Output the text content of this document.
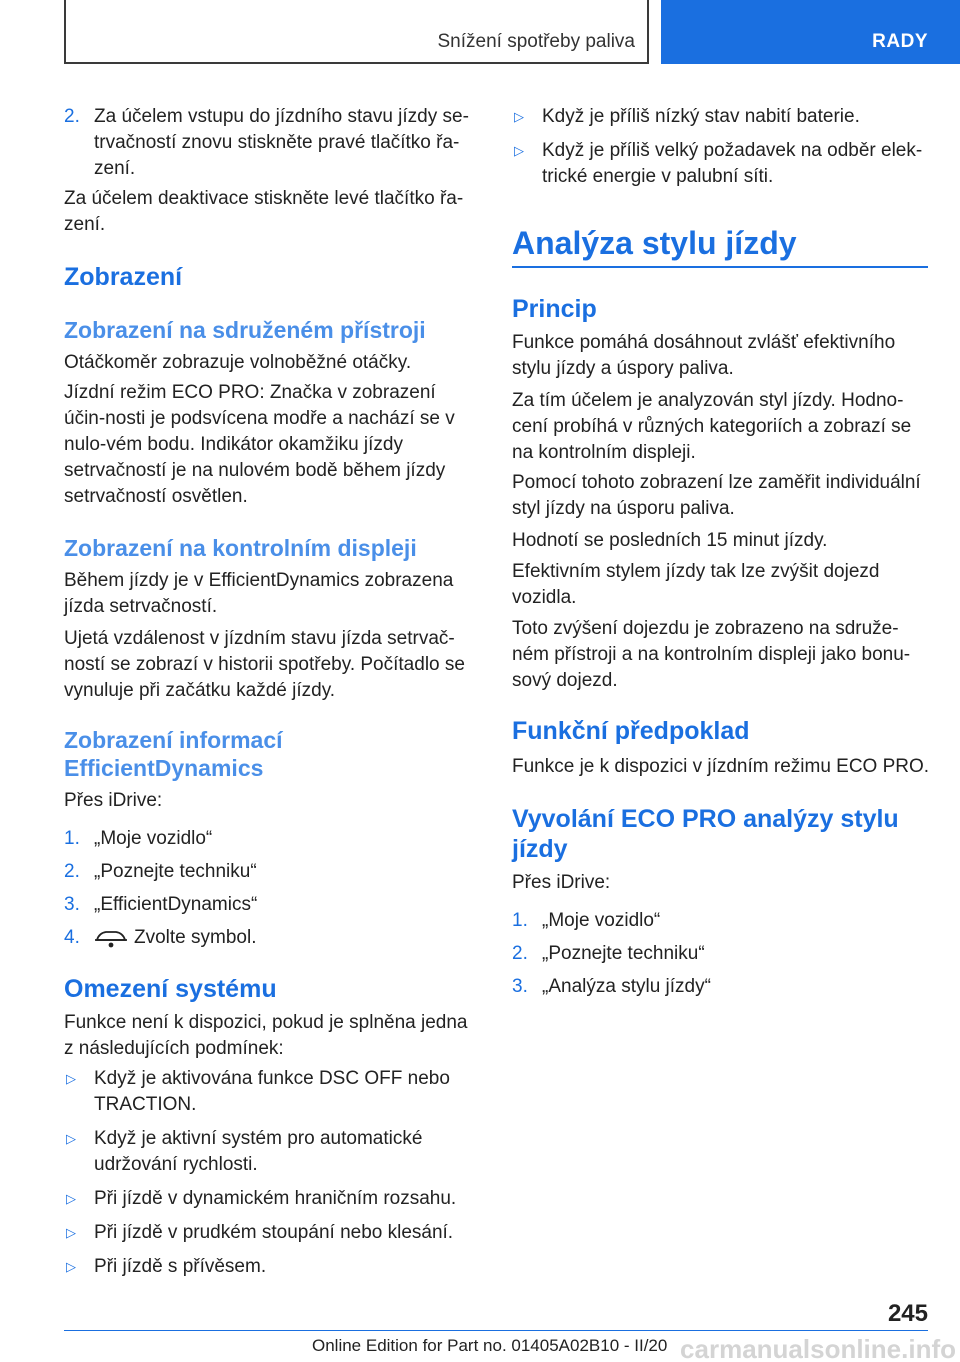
Snížení spotřeby paliva	RADY
2. Za účelem vstupu do jízdního stavu jízdy se-trvačností znovu stiskněte pravé tlačítko řa-zení.

Za účelem deaktivace stiskněte levé tlačítko řa-zení.

Zobrazení
Zobrazení na sdruženém přístroji

Otáčkoměr zobrazuje volnoběžné otáčky.

Jízdní režim ECO PRO: Značka v zobrazení účin-nosti je podsvícena modře a nachází se v nulo-vém bodu. Indikátor okamžiku jízdy setrvačností je na nulovém bodě během jízdy setrvačností osvětlen.

Zobrazení na kontrolním displeji

Během jízdy je v EfficientDynamics zobrazena jízda setrvačností.

Ujetá vzdálenost v jízdním stavu jízda setrvač-ností se zobrazí v historii spotřeby. Počítadlo se vynuluje při začátku každé jízdy.

Zobrazení informací EfficientDynamics

Přes iDrive:

1. „Moje vozidlo“
2. „Poznejte techniku“
3. „EfficientDynamics“
4.	Zvolte symbol.
Omezení systému

Funkce není k dispozici, pokud je splněna jedna z následujících podmínek:

▷ Když je aktivována funkce DSC OFF nebo TRACTION.
▷ Když je aktivní systém pro automatické udržování rychlosti.
▷ Při jízdě v dynamickém hraničním rozsahu.
▷ Při jízdě v prudkém stoupání nebo klesání.
▷ Při jízdě s přívěsem.
▷ Když je příliš nízký stav nabití baterie.
▷ Když je příliš velký požadavek na odběr elek-trické energie v palubní síti.
Analýza stylu jízdy
Princip

Funkce pomáhá dosáhnout zvlášť efektivního stylu jízdy a úspory paliva.

Za tím účelem je analyzován styl jízdy. Hodno-cení probíhá v různých kategoriích a zobrazí se na kontrolním displeji.

Pomocí tohoto zobrazení lze zaměřit individuální styl jízdy na úsporu paliva.

Hodnotí se posledních 15 minut jízdy.

Efektivním stylem jízdy tak lze zvýšit dojezd vozidla.

Toto zvýšení dojezdu je zobrazeno na sdruže-ném přístroji a na kontrolním displeji jako bonu-sový dojezd.

Funkční předpoklad

Funkce je k dispozici v jízdním režimu ECO PRO.

Vyvolání ECO PRO analýzy stylu jízdy

Přes iDrive:

1. „Moje vozidlo“
2. „Poznejte techniku“
3. „Analýza stylu jízdy“
245
Online Edition for Part no. 01405A02B10 - II/20 carmanualsonline.info
